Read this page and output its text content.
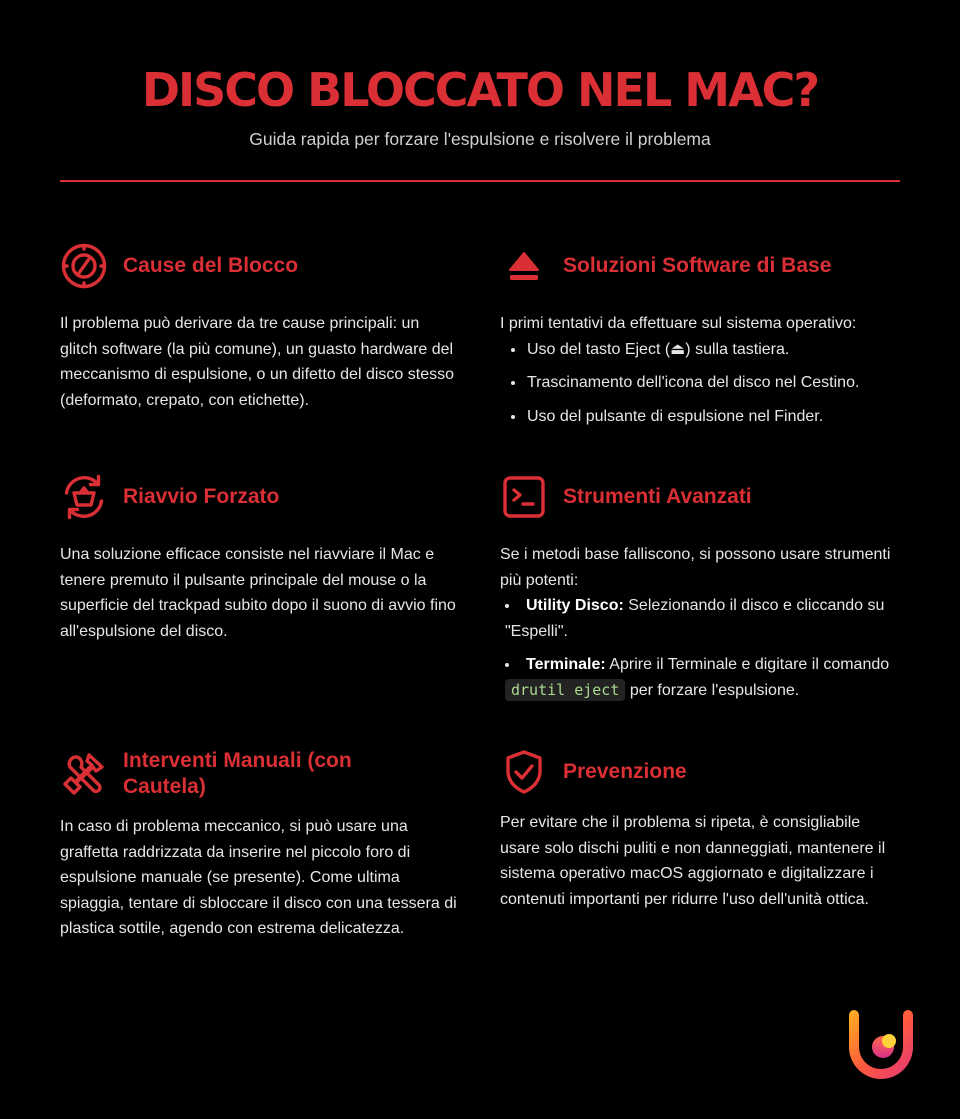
DISCO BLOCCATO NEL MAC?

Guida rapida per forzare l'espulsione e risolvere il problema

Cause del Blocco

Il problema può derivare da tre cause principali: un glitch software (la più comune), un guasto hardware del meccanismo di espulsione, o un difetto del disco stesso (deformato, crepato, con etichette).

Soluzioni Software di Base

I primi tentativi da effettuare sul sistema operativo:

• Uso del tasto Eject (⏏) sulla tastiera.
• Trascinamento dell'icona del disco nel Cestino.
• Uso del pulsante di espulsione nel Finder.
Riavvio Forzato

Una soluzione efficace consiste nel riavviare il Mac e tenere premuto il pulsante principale del mouse o la superficie del trackpad subito dopo il suono di avvio fino all'espulsione del disco.

Strumenti Avanzati

Se i metodi base falliscono, si possono usare strumenti più potenti:

• Utility Disco: Selezionando il disco e cliccando su "Espelli".
• Terminale: Aprire il Terminale e digitare il comando drutil eject per forzare l'espulsione.
Interventi Manuali (con Cautela)

In caso di problema meccanico, si può usare una graffetta raddrizzata da inserire nel piccolo foro di espulsione manuale (se presente). Come ultima spiaggia, tentare di sbloccare il disco con una tessera di plastica sottile, agendo con estrema delicatezza.

Prevenzione

Per evitare che il problema si ripeta, è consigliabile usare solo dischi puliti e non danneggiati, mantenere il sistema operativo macOS aggiornato e digitalizzare i contenuti importanti per ridurre l'uso dell'unità ottica.
